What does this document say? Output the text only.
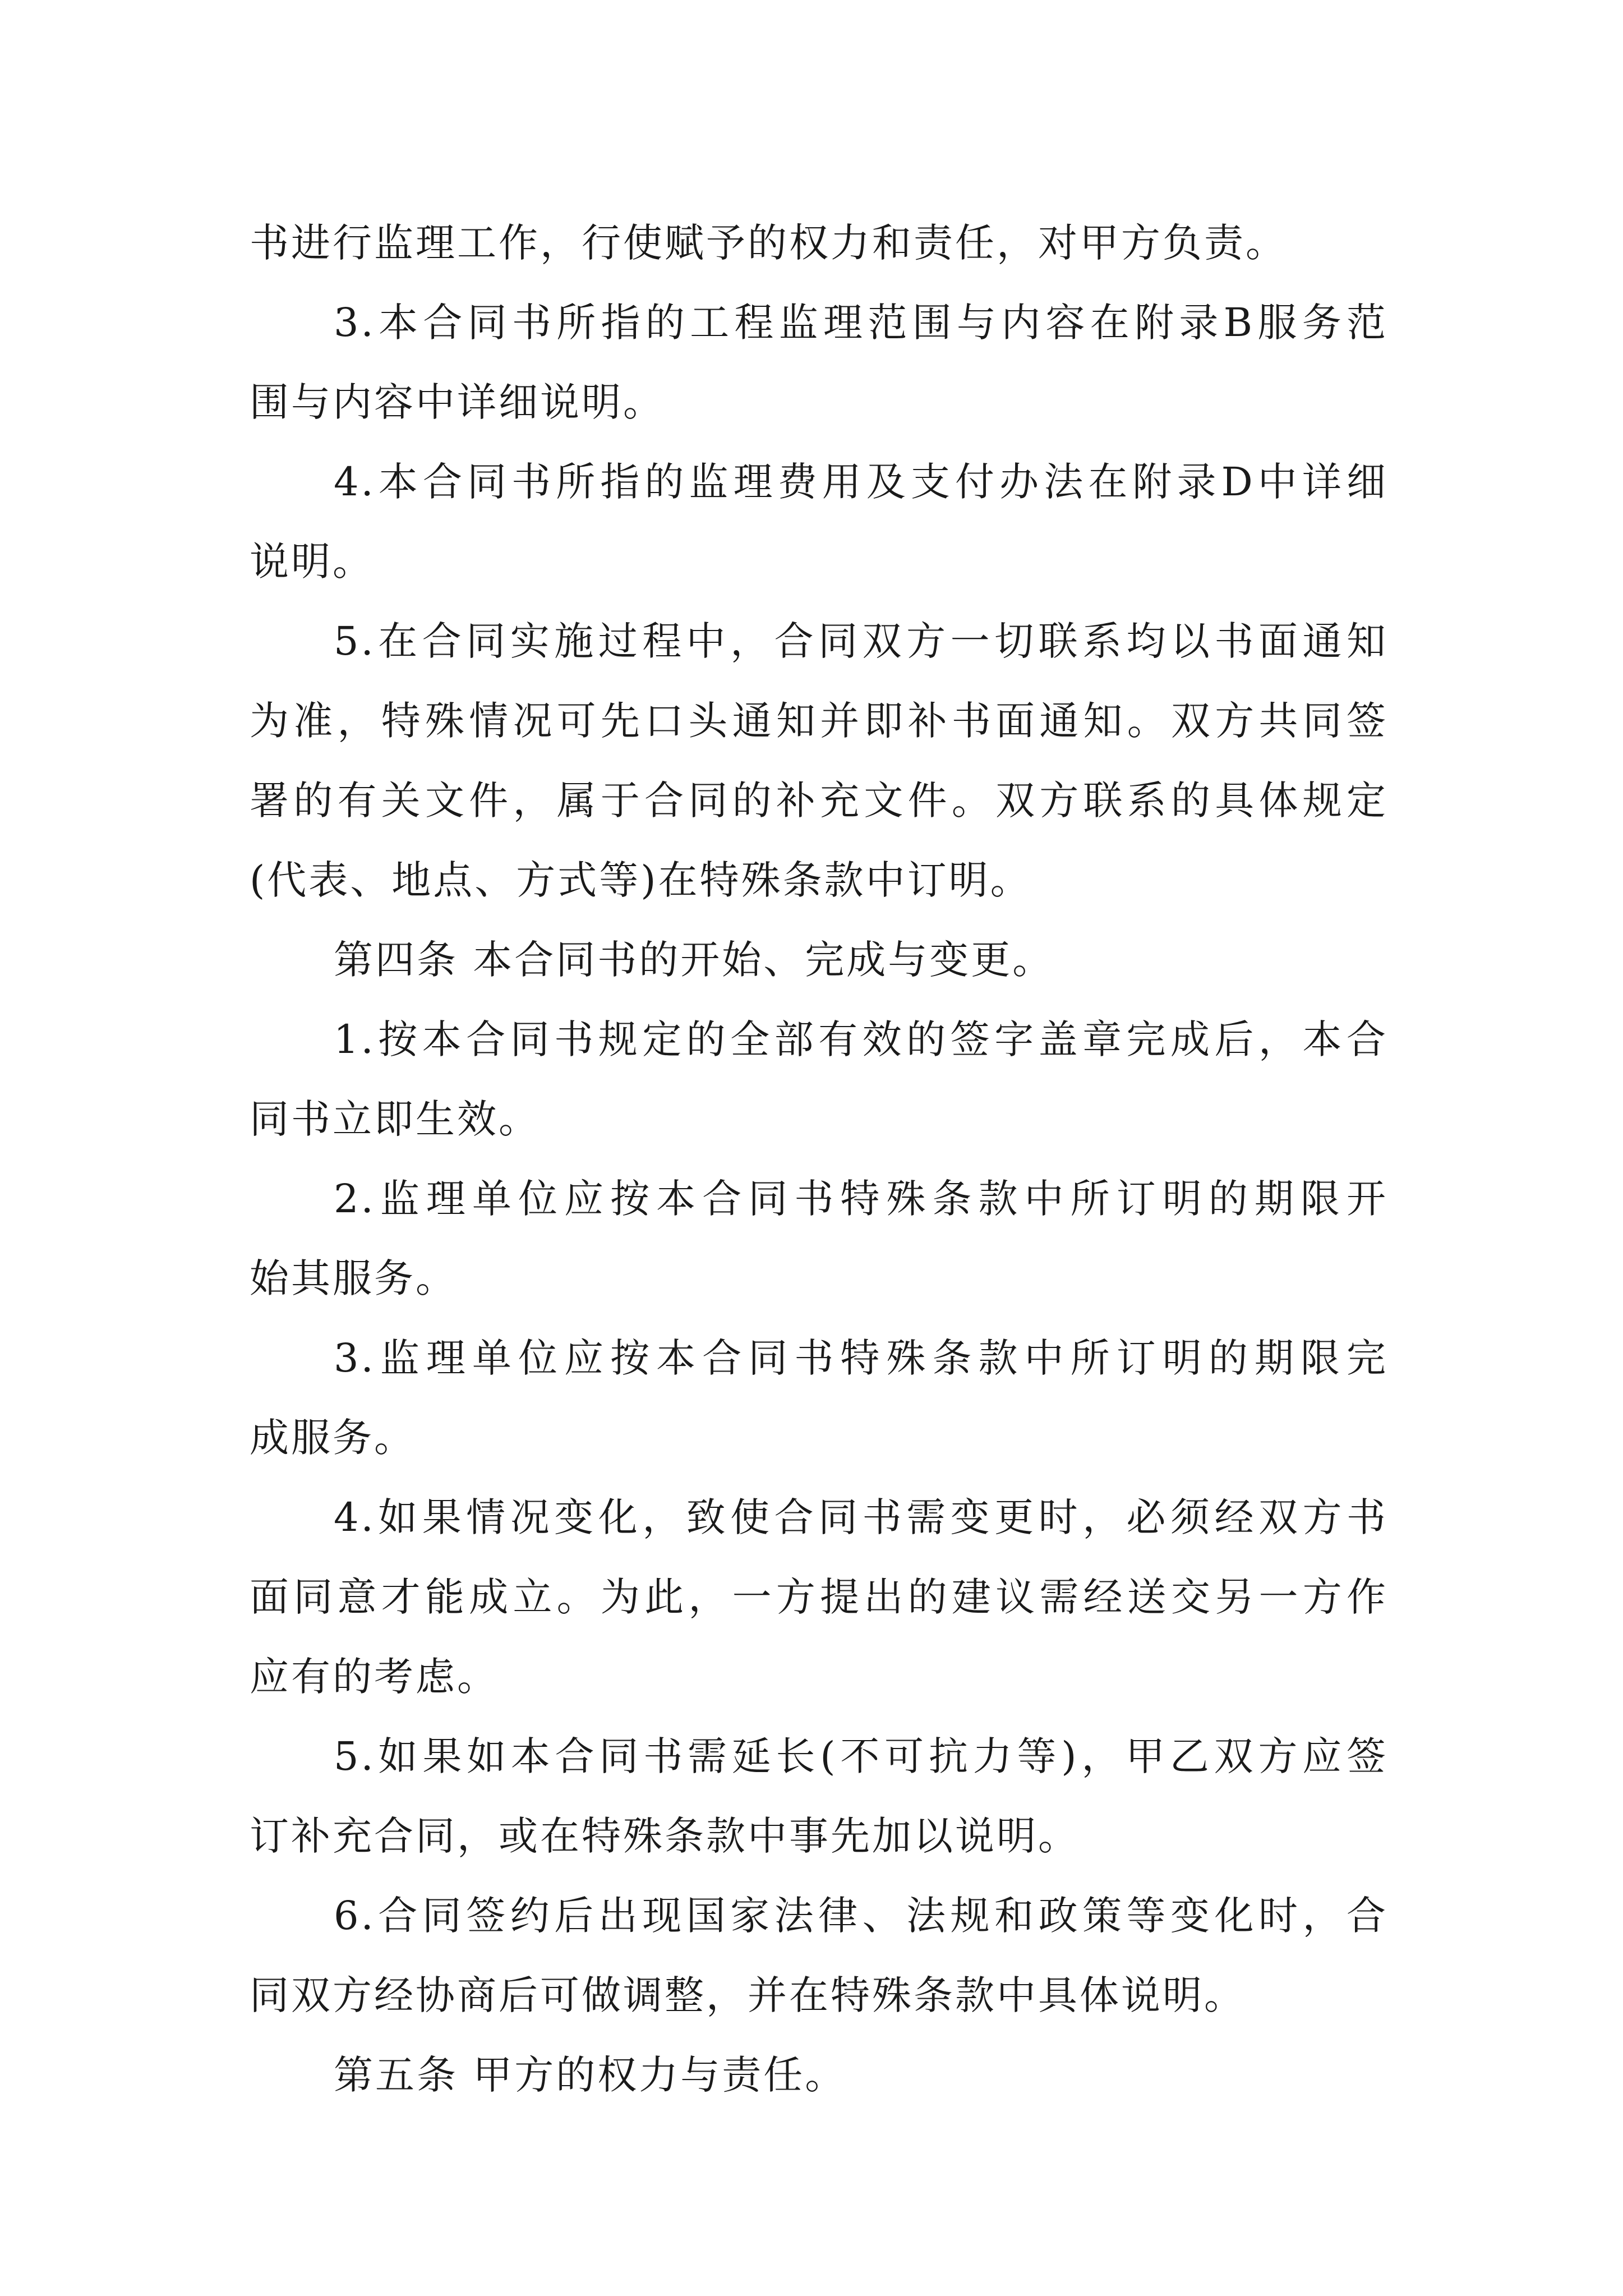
书进行监理工作，行使赋予的权力和责任，对甲方负责。
3.本合同书所指的工程监理范围与内容在附录B服务范
围与内容中详细说明。
4.本合同书所指的监理费用及支付办法在附录D中详细
说明。
5.在合同实施过程中，合同双方一切联系均以书面通知
为准，特殊情况可先口头通知并即补书面通知。双方共同签
署的有关文件，属于合同的补充文件。双方联系的具体规定
(代表、地点、方式等)在特殊条款中订明。
第四条 本合同书的开始、完成与变更。
1.按本合同书规定的全部有效的签字盖章完成后，本合
同书立即生效。
2.监理单位应按本合同书特殊条款中所订明的期限开
始其服务。
3.监理单位应按本合同书特殊条款中所订明的期限完
成服务。
4.如果情况变化，致使合同书需变更时，必须经双方书
面同意才能成立。为此，一方提出的建议需经送交另一方作
应有的考虑。
5.如果如本合同书需延长(不可抗力等)，甲乙双方应签
订补充合同，或在特殊条款中事先加以说明。
6.合同签约后出现国家法律、法规和政策等变化时，合
同双方经协商后可做调整，并在特殊条款中具体说明。
第五条 甲方的权力与责任。
